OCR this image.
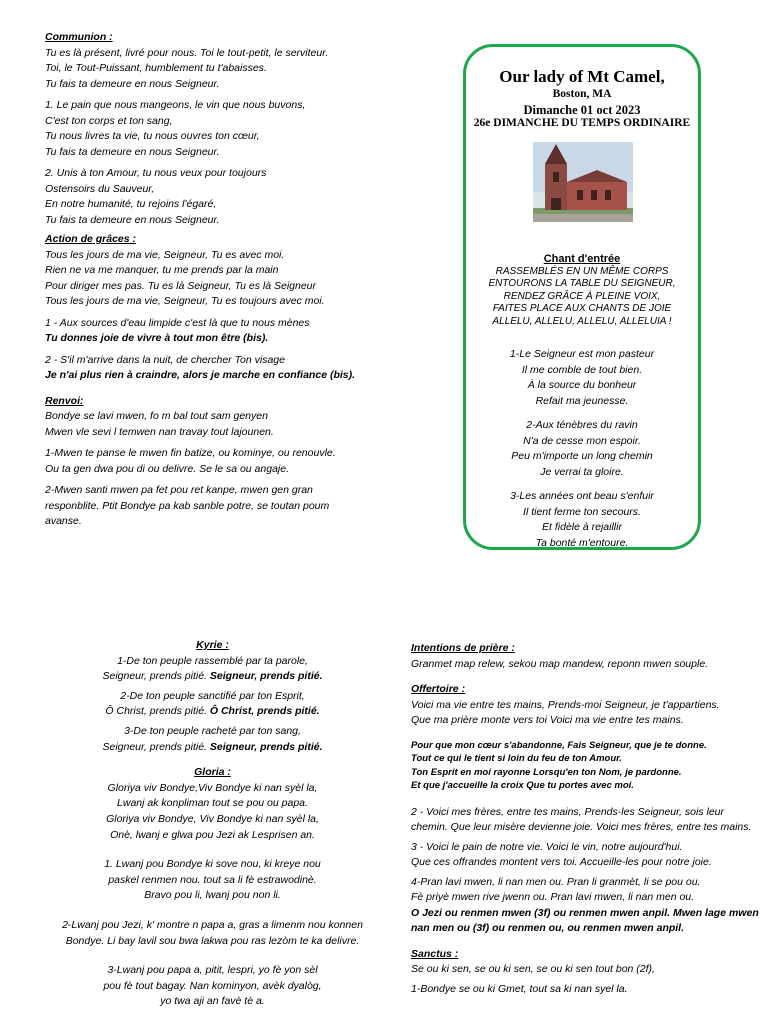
Communion :

Tu es là présent, livré pour nous. Toi le tout-petit, le serviteur.

Toi, le Tout-Puissant, humblement tu t'abaisses.

Tu fais ta demeure en nous Seigneur.

1. Le pain que nous mangeons, le vin que nous buvons,

C'est ton corps et ton sang,

Tu nous livres ta vie, tu nous ouvres ton cœur,

Tu fais ta demeure en nous Seigneur.

2. Unis à ton Amour, tu nous veux pour toujours

Ostensoirs du Sauveur,

En notre humanité, tu rejoins l'égaré,

Tu fais ta demeure en nous Seigneur.

Action de grâces :

Tous les jours de ma vie, Seigneur, Tu es avec moi.

Rien ne va me manquer, tu me prends par la main

Pour diriger mes pas. Tu es là Seigneur, Tu es là Seigneur

Tous les jours de ma vie, Seigneur, Tu es toujours avec moi.

1 - Aux sources d'eau limpide c'est là que tu nous mènes

Tu donnes joie de vivre à tout mon être (bis).

2 - S'il m'arrive dans la nuit, de chercher Ton visage

Je n'ai plus rien à craindre, alors je marche en confiance (bis).

Renvoi:

Bondye se lavi mwen, fo m bal tout sam genyen

Mwen vle sevi l temwen nan travay tout lajounen.

1-Mwen te panse le mwen fin batize, ou kominye, ou renouvle.

Ou ta gen dwa pou di ou delivre. Se le sa ou angaje.

2-Mwen santi mwen pa fet pou ret kanpe, mwen gen gran

responblite. Ptit Bondye pa kab sanble potre, se toutan poum

avanse.

Our lady of Mt Camel,
Boston, MA
Dimanche 01 oct 2023
26e DIMANCHE DU TEMPS ORDINAIRE
Chant d'entrée
RASSEMBLÉS EN UN MÊME CORPS
ENTOURONS LA TABLE DU SEIGNEUR,
RENDEZ GRÂCE À PLEINE VOIX,
FAITES PLACE AUX CHANTS DE JOIE
ALLELU, ALLELU, ALLELU, ALLELUIA !
1-Le Seigneur est mon pasteur
Il me comble de tout bien.
À la source du bonheur
Refait ma jeunesse.
2-Aux ténèbres du ravin
N'a de cesse mon espoir.
Peu m'importe un long chemin
Je verrai ta gloire.
3-Les années ont beau s'enfuir
Il tient ferme ton secours.
Et fidèle à rejaillir
Ta bonté m'entoure.
Kyrie :

1-De ton peuple rassemblé par ta parole,

Seigneur, prends pitié. Seigneur, prends pitié.

2-De ton peuple sanctifié par ton Esprit,

Ô Christ, prends pitié. Ô Christ, prends pitié.

3-De ton peuple racheté par ton sang,

Seigneur, prends pitié. Seigneur, prends pitié.

Gloria :

Gloriya viv Bondye,Viv Bondye ki nan syèl la,

Lwanj ak konpliman tout se pou ou papa.

Gloriya viv Bondye, Viv Bondye ki nan syèl la,

Onè, lwanj e glwa pou Jezi ak Lesprisen an.

1. Lwanj pou Bondye ki sove nou, ki kreye nou

paskel renmen nou. tout sa li fè estrawodinè.

Bravo pou li, lwanj pou non li.

2-Lwanj pou Jezi, k' montre n papa a, gras a limenm nou konnen

Bondye. Li bay lavil sou bwa lakwa pou ras lezòm te ka delivre.

3-Lwanj pou papa a, pitit, lespri, yo fè yon sèl

pou fè tout bagay. Nan kominyon, avèk dyalòg,

yo twa aji an favè tè a.

Intentions de prière :

Granmet map relew, sekou map mandew, reponn mwen souple.

Offertoire :

Voici ma vie entre tes mains, Prends-moi Seigneur, je t'appartiens.

Que ma prière monte vers toi Voici ma vie entre tes mains.

Pour que mon cœur s'abandonne, Fais Seigneur, que je te donne.

Tout ce qui le tient si loin du feu de ton Amour.

Ton Esprit en moi rayonne Lorsqu'en ton Nom, je pardonne.

Et que j'accueille la croix Que tu portes avec moi.

2 - Voici mes frères, entre tes mains, Prends-les Seigneur, sois leur

chemin. Que leur misère devienne joie. Voici mes frères, entre tes mains.

3 - Voici le pain de notre vie. Voici le vin, notre aujourd'hui.

Que ces offrandes montent vers toi. Accueille-les pour notre joie.

4-Pran lavi mwen, li nan men ou. Pran li granmèt, li se pou ou.

Fè priyè mwen rive jwenn ou. Pran lavi mwen, li nan men ou.

O Jezi ou renmen mwen (3f) ou renmen mwen anpil. Mwen lage mwen

nan men ou (3f) ou renmen ou, ou renmen mwen anpil.

Sanctus :

Se ou ki sen, se ou ki sen, se ou ki sen tout bon (2f),

1-Bondye se ou ki Gmet, tout sa ki nan syel la.
